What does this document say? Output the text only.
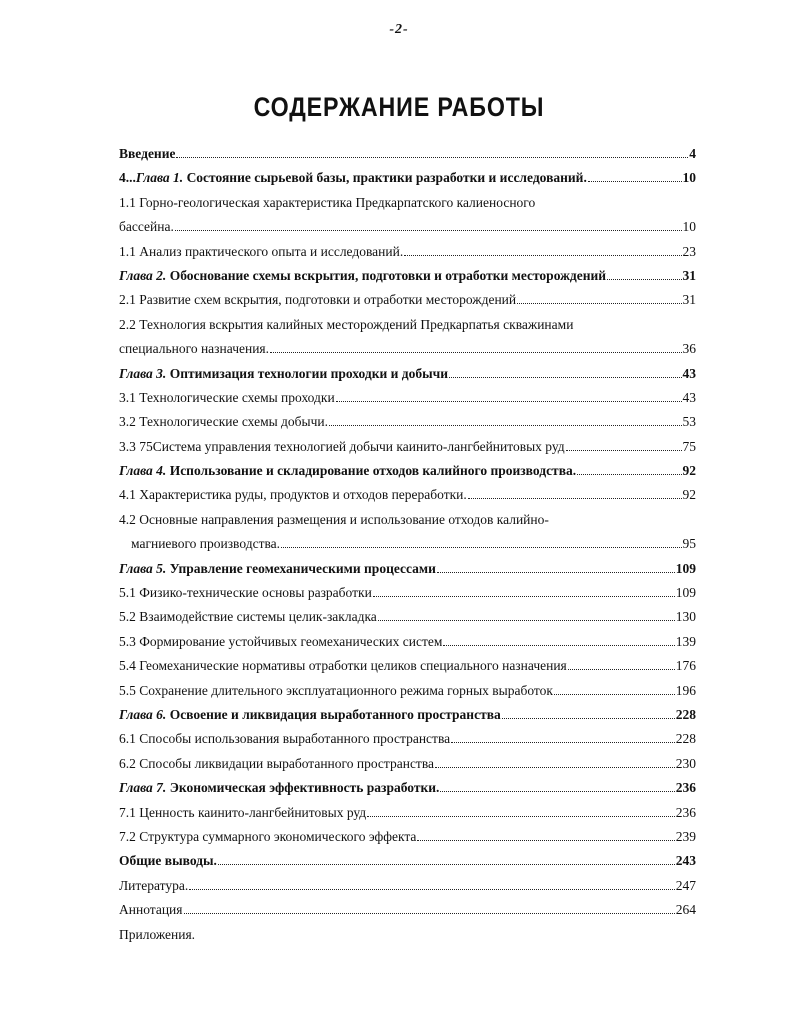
-2-
СОДЕРЖАНИЕ РАБОТЫ
Введение	4
4...Глава 1. Состояние сырьевой базы, практики разработки и исследований.	10
1.1 Горно-геологическая характеристика Предкарпатского калиеносного
бассейна.	10
1.1 Анализ практического опыта и исследований.	23
Глава 2. Обоснование схемы вскрытия, подготовки и отработки месторождений	31
2.1 Развитие схем вскрытия, подготовки и отработки месторождений	31
2.2 Технология вскрытия калийных месторождений Предкарпатья скважинами
специального назначения.	36
Глава 3. Оптимизация технологии проходки и добычи	43
3.1 Технологические схемы проходки	43
3.2 Технологические схемы добычи.	53
3.3 75Система управления технологией добычи каинито-лангбейнитовых руд	75
Глава 4. Использование и складирование отходов калийного производства.	92
4.1 Характеристика руды, продуктов и отходов переработки.	92
4.2 Основные направления размещения и использование отходов калийно-
магниевого производства.	95
Глава 5. Управление геомеханическими процессами	109
5.1 Физико-технические основы разработки	109
5.2 Взаимодействие системы целик-закладка	130
5.3 Формирование устойчивых геомеханических систем	139
5.4 Геомеханические нормативы отработки целиков специального назначения	176
5.5 Сохранение длительного эксплуатационного режима горных выработок	196
Глава 6. Освоение и ликвидация выработанного пространства	228
6.1 Способы использования выработанного пространства	228
6.2 Способы ликвидации выработанного пространства	230
Глава 7. Экономическая эффективность разработки.	236
7.1 Ценность каинито-лангбейнитовых руд	236
7.2 Структура суммарного экономического эффекта	239
Общие выводы.	243
Литература.	247
Аннотация	264
Приложения.
